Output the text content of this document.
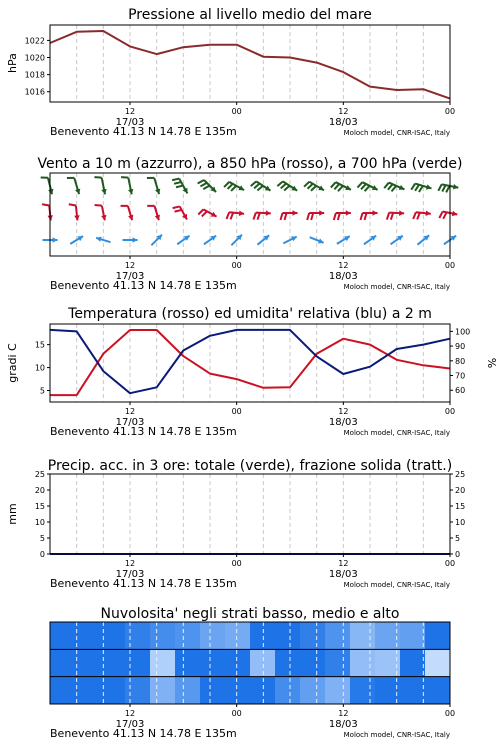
Pressione al livello medio del mare
hPa
1016
1018
1020
1022
12	00	12	00
17/03	18/03
Benevento 41.13 N 14.78 E 135m	Moloch model, CNR-ISAC, Italy
Vento a 10 m (azzurro), a 850 hPa (rosso), a 700 hPa (verde)
12	00	12	00
17/03	18/03
Benevento 41.13 N 14.78 E 135m	Moloch model, CNR-ISAC, Italy
Temperatura (rosso) ed umidita' relativa (blu) a 2 m
gradi C	%
5
10
15
60
70
80
90
100
12	00	12	00
17/03	18/03
Benevento 41.13 N 14.78 E 135m	Moloch model, CNR-ISAC, Italy
Precip. acc. in 3 ore: totale (verde), frazione solida (tratt.)
mm
0
5
10
15
20
25
0
5
10
15
20
25
12	00	12	00
17/03	18/03
Benevento 41.13 N 14.78 E 135m	Moloch model, CNR-ISAC, Italy
Nuvolosita' negli strati basso, medio e alto
12	00	12	00
17/03	18/03
Benevento 41.13 N 14.78 E 135m	Moloch model, CNR-ISAC, Italy
